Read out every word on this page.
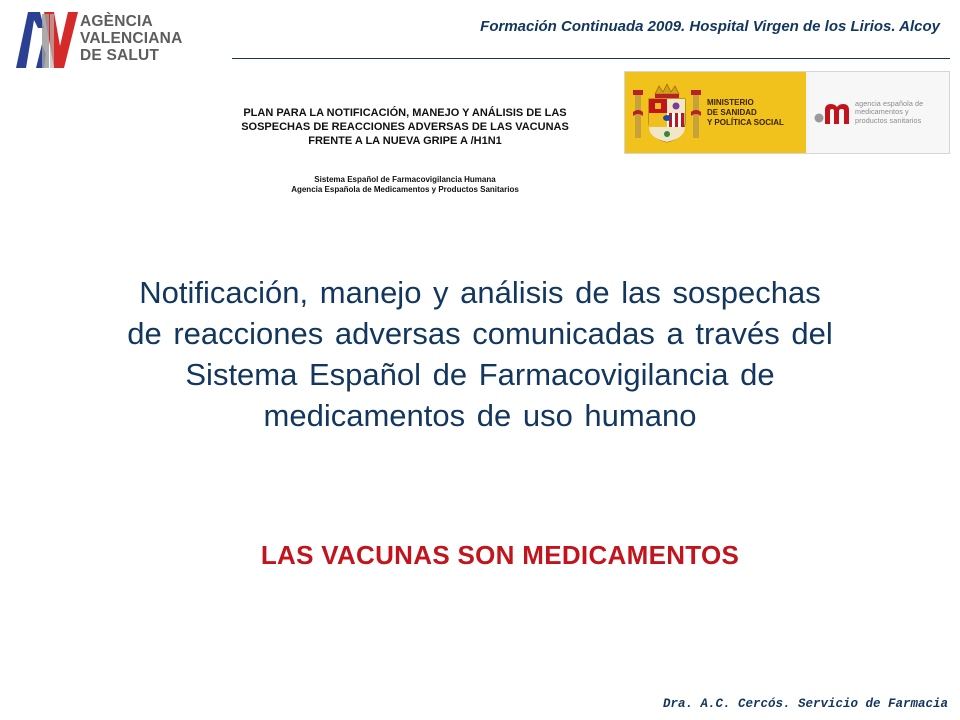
AGÈNCIA
VALENCIANA
DE SALUT
Formación Continuada 2009. Hospital Virgen de los Lirios. Alcoy
PLAN PARA LA NOTIFICACIÓN, MANEJO Y ANÁLISIS DE LAS
SOSPECHAS DE REACCIONES ADVERSAS DE LAS VACUNAS
FRENTE A LA NUEVA GRIPE A /H1N1
Sistema Español de Farmacovigilancia Humana
Agencia Española de Medicamentos y Productos Sanitarios
MINISTERIO
DE SANIDAD
Y POLÍTICA SOCIAL
agencia española de
medicamentos y
productos sanitarios
Notificación, manejo y análisis de las sospechas
de reacciones adversas comunicadas a través del
Sistema Español de Farmacovigilancia de
medicamentos de uso humano
LAS VACUNAS SON MEDICAMENTOS
Dra. A.C. Cercós. Servicio de Farmacia
